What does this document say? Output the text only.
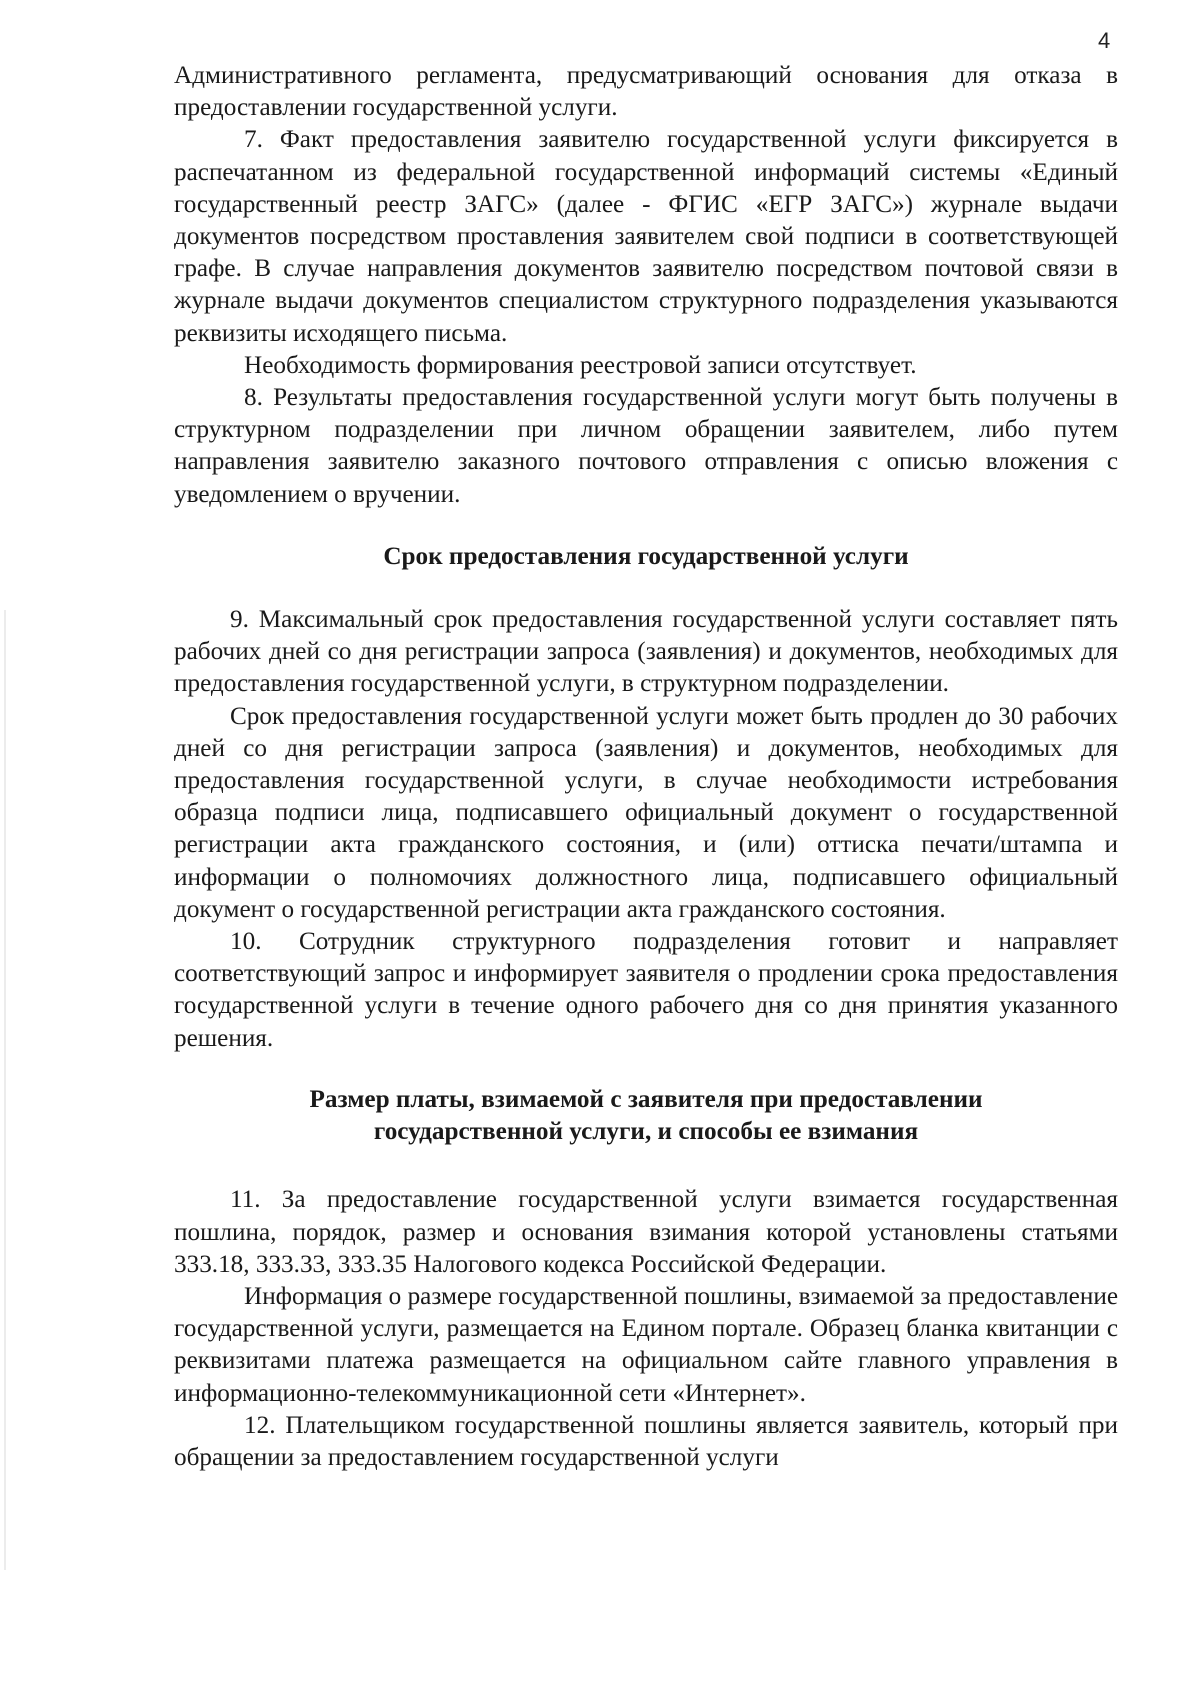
4

Административного регламента, предусматривающий основания для отказа в предоставлении государственной услуги.

7. Факт предоставления заявителю государственной услуги фиксируется в распечатанном из федеральной государственной информаций системы «Единый государственный реестр ЗАГС» (далее - ФГИС «ЕГР ЗАГС») журнале выдачи документов посредством проставления заявителем свой подписи в соответствующей графе. В случае направления документов заявителю посредством почтовой связи в журнале выдачи документов специалистом структурного подразделения указываются реквизиты исходящего письма.

Необходимость формирования реестровой записи отсутствует.

8. Результаты предоставления государственной услуги могут быть получены в структурном подразделении при личном обращении заявителем, либо путем направления заявителю заказного почтового отправления с описью вложения с уведомлением о вручении.

Срок предоставления государственной услуги

9. Максимальный срок предоставления государственной услуги составляет пять рабочих дней со дня регистрации запроса (заявления) и документов, необходимых для предоставления государственной услуги, в структурном подразделении.

Срок предоставления государственной услуги может быть продлен до 30 рабочих дней со дня регистрации запроса (заявления) и документов, необходимых для предоставления государственной услуги, в случае необходимости истребования образца подписи лица, подписавшего официальный документ о государственной регистрации акта гражданского состояния, и (или) оттиска печати/штампа и информации о полномочиях должностного лица, подписавшего официальный документ о государственной регистрации акта гражданского состояния.

10. Сотрудник структурного подразделения готовит и направляет соответствующий запрос и информирует заявителя о продлении срока предоставления государственной услуги в течение одного рабочего дня со дня принятия указанного решения.

Размер платы, взимаемой с заявителя при предоставлении
государственной услуги, и способы ее взимания

11. За предоставление государственной услуги взимается государственная пошлина, порядок, размер и основания взимания которой установлены статьями 333.18, 333.33, 333.35 Налогового кодекса Российской Федерации.

Информация о размере государственной пошлины, взимаемой за предоставление государственной услуги, размещается на Едином портале. Образец бланка квитанции с реквизитами платежа размещается на официальном сайте главного управления в информационно-телекоммуникационной сети «Интернет».

12. Плательщиком государственной пошлины является заявитель, который при обращении за предоставлением государственной услуги
